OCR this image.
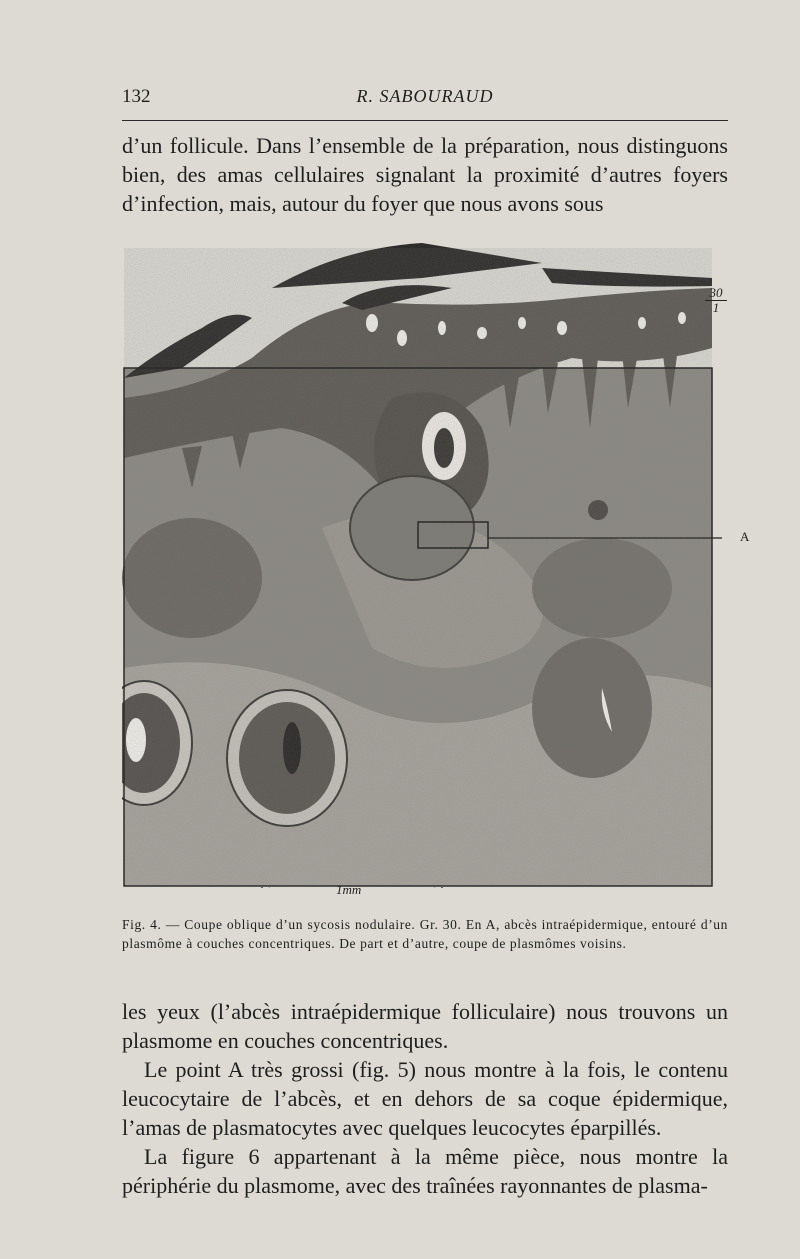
132	R. SABOURAUD

d’un follicule. Dans l’ensemble de la préparation, nous distinguons bien, des amas cellulaires signalant la proximité d’autres foyers d’infection, mais, autour du foyer que nous avons sous

$\frac{30}{1}$
A
1mm

Fig. 4. — Coupe oblique d’un sycosis nodulaire. Gr. 30. En A, abcès intraépidermique, entouré d’un plasmôme à couches concentriques. De part et d’autre, coupe de plasmômes voisins.

les yeux (l’abcès intraépidermique folliculaire) nous trouvons un plasmome en couches concentriques.

Le point A très grossi (fig. 5) nous montre à la fois, le contenu leucocytaire de l’abcès, et en dehors de sa coque épidermique, l’amas de plasmatocytes avec quelques leucocytes éparpillés.

La figure 6 appartenant à la même pièce, nous montre la périphérie du plasmome, avec des traînées rayonnantes de plasma-
